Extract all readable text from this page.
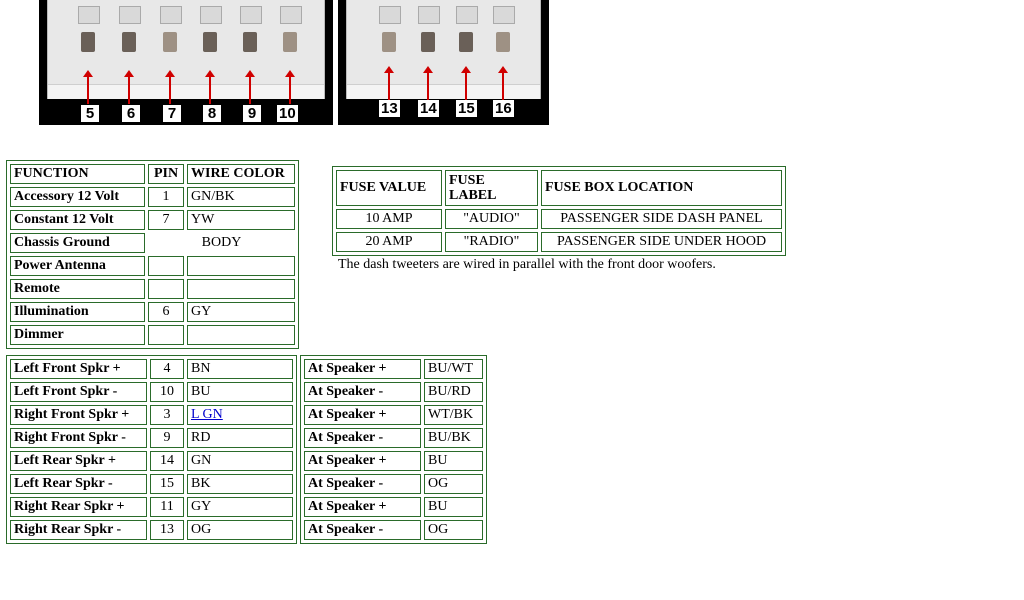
5	6	7	8	9	10	13 14 15 16
FUNCTION	PIN	WIRE COLOR
Accessory 12 Volt	1	GN/BK
Constant 12 Volt	7	YW
Chassis Ground	BODY	
Power Antenna		
Remote		
Illumination	6	GY
Dimmer		
FUSE VALUE	FUSE LABEL	FUSE BOX LOCATION
10 AMP	"AUDIO"	PASSENGER SIDE DASH PANEL
20 AMP	"RADIO"	PASSENGER SIDE UNDER HOOD
The dash tweeters are wired in parallel with the front door woofers.
Left Front Spkr +	4	BN
Left Front Spkr -	10	BU
Right Front Spkr +	3	L GN
Right Front Spkr -	9	RD
Left Rear Spkr +	14	GN
Left Rear Spkr -	15	BK
Right Rear Spkr +	11	GY
Right Rear Spkr -	13	OG
At Speaker +	BU/WT
At Speaker -	BU/RD
At Speaker +	WT/BK
At Speaker -	BU/BK
At Speaker +	BU
At Speaker -	OG
At Speaker +	BU
At Speaker -	OG
